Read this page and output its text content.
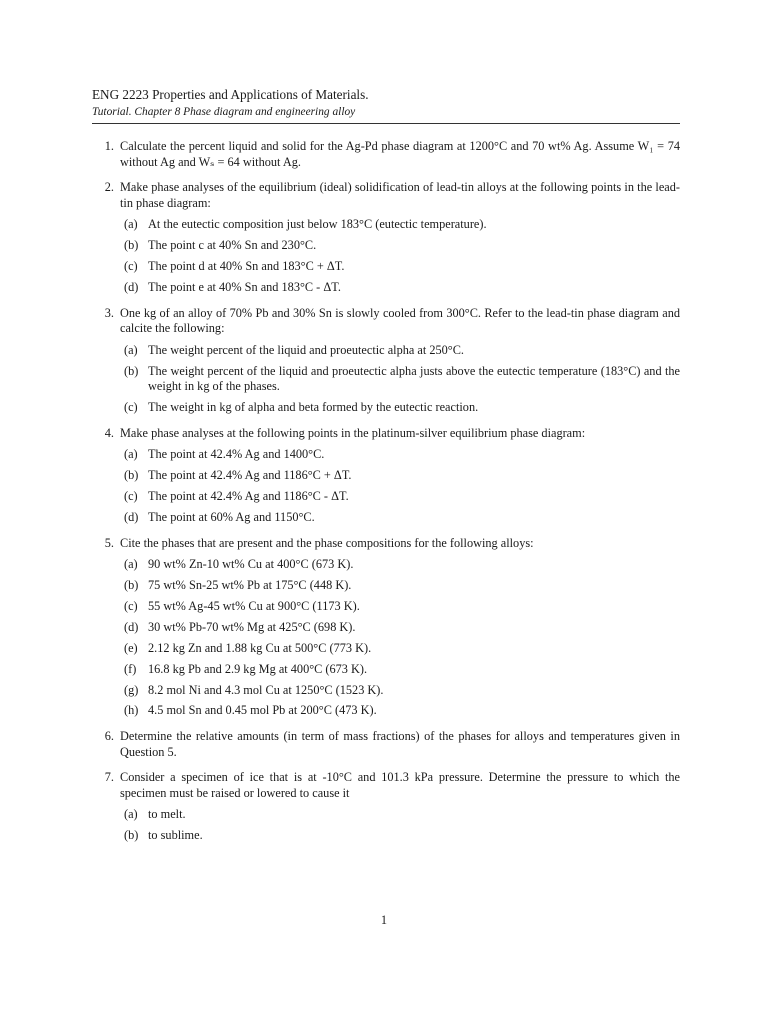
ENG 2223 Properties and Applications of Materials.
Tutorial. Chapter 8 Phase diagram and engineering alloy
1. Calculate the percent liquid and solid for the Ag-Pd phase diagram at 1200°C and 70 wt% Ag. Assume W₁ = 74 without Ag and Wₛ = 64 without Ag.
2. Make phase analyses of the equilibrium (ideal) solidification of lead-tin alloys at the following points in the lead-tin phase diagram:
(a) At the eutectic composition just below 183°C (eutectic temperature).
(b) The point c at 40% Sn and 230°C.
(c) The point d at 40% Sn and 183°C + ΔT.
(d) The point e at 40% Sn and 183°C - ΔT.
3. One kg of an alloy of 70% Pb and 30% Sn is slowly cooled from 300°C. Refer to the lead-tin phase diagram and calcite the following:
(a) The weight percent of the liquid and proeutectic alpha at 250°C.
(b) The weight percent of the liquid and proeutectic alpha justs above the eutectic temperature (183°C) and the weight in kg of the phases.
(c) The weight in kg of alpha and beta formed by the eutectic reaction.
4. Make phase analyses at the following points in the platinum-silver equilibrium phase diagram:
(a) The point at 42.4% Ag and 1400°C.
(b) The point at 42.4% Ag and 1186°C + ΔT.
(c) The point at 42.4% Ag and 1186°C - ΔT.
(d) The point at 60% Ag and 1150°C.
5. Cite the phases that are present and the phase compositions for the following alloys:
(a) 90 wt% Zn-10 wt% Cu at 400°C (673 K).
(b) 75 wt% Sn-25 wt% Pb at 175°C (448 K).
(c) 55 wt% Ag-45 wt% Cu at 900°C (1173 K).
(d) 30 wt% Pb-70 wt% Mg at 425°C (698 K).
(e) 2.12 kg Zn and 1.88 kg Cu at 500°C (773 K).
(f) 16.8 kg Pb and 2.9 kg Mg at 400°C (673 K).
(g) 8.2 mol Ni and 4.3 mol Cu at 1250°C (1523 K).
(h) 4.5 mol Sn and 0.45 mol Pb at 200°C (473 K).
6. Determine the relative amounts (in term of mass fractions) of the phases for alloys and temperatures given in Question 5.
7. Consider a specimen of ice that is at -10°C and 101.3 kPa pressure. Determine the pressure to which the specimen must be raised or lowered to cause it
(a) to melt.
(b) to sublime.
1
